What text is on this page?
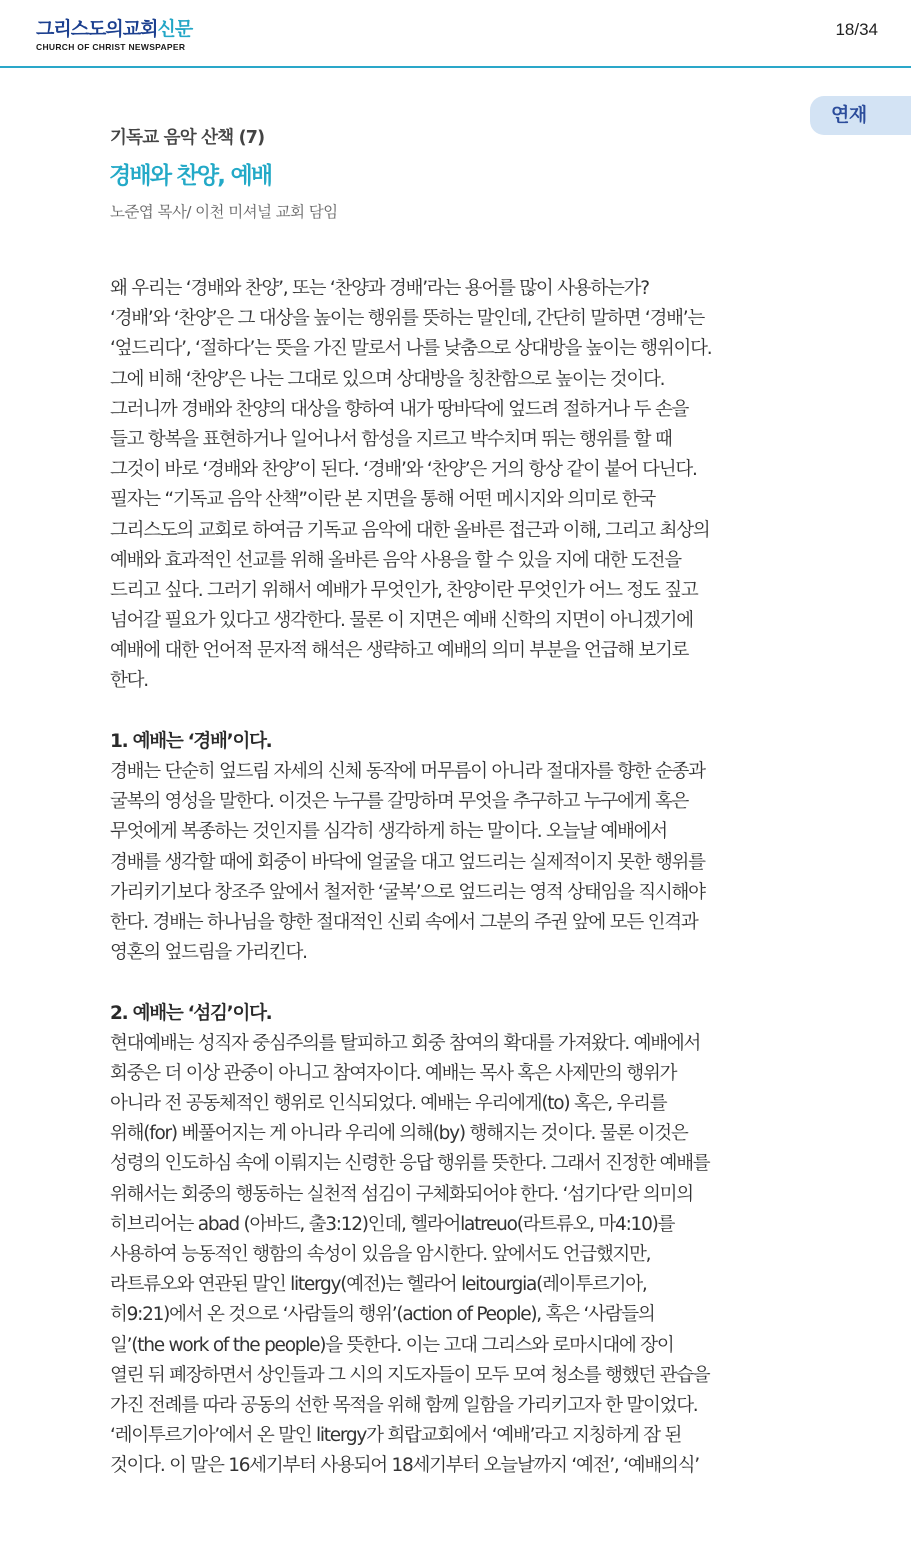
그리스도의교회신문
CHURCH OF CHRIST NEWSPAPER
18/34
연재
기독교 음악 산책 (7)
경배와 찬양, 예배
노준엽 목사/ 이천 미셔널 교회 담임
왜 우리는 ‘경배와 찬양’, 또는 ‘찬양과 경배’라는 용어를 많이 사용하는가?
‘경배’와 ‘찬양’은 그 대상을 높이는 행위를 뜻하는 말인데, 간단히 말하면 ‘경배’는
‘엎드리다’, ‘절하다’는 뜻을 가진 말로서 나를 낮춤으로 상대방을 높이는 행위이다.
그에 비해 ‘찬양’은 나는 그대로 있으며 상대방을 칭찬함으로 높이는 것이다.
그러니까 경배와 찬양의 대상을 향하여 내가 땅바닥에 엎드려 절하거나 두 손을
들고 항복을 표현하거나 일어나서 함성을 지르고 박수치며 뛰는 행위를 할 때
그것이 바로 ‘경배와 찬양’이 된다. ‘경배’와 ‘찬양’은 거의 항상 같이 붙어 다닌다.
필자는 “기독교 음악 산책”이란 본 지면을 통해 어떤 메시지와 의미로 한국
그리스도의 교회로 하여금 기독교 음악에 대한 올바른 접근과 이해, 그리고 최상의
예배와 효과적인 선교를 위해 올바른 음악 사용을 할 수 있을 지에 대한 도전을
드리고 싶다. 그러기 위해서 예배가 무엇인가, 찬양이란 무엇인가 어느 정도 짚고
넘어갈 필요가 있다고 생각한다. 물론 이 지면은 예배 신학의 지면이 아니겠기에
예배에 대한 언어적 문자적 해석은 생략하고 예배의 의미 부분을 언급해 보기로
한다.
1. 예배는 ‘경배’이다.
경배는 단순히 엎드림 자세의 신체 동작에 머무름이 아니라 절대자를 향한 순종과
굴복의 영성을 말한다. 이것은 누구를 갈망하며 무엇을 추구하고 누구에게 혹은
무엇에게 복종하는 것인지를 심각히 생각하게 하는 말이다. 오늘날 예배에서
경배를 생각할 때에 회중이 바닥에 얼굴을 대고 엎드리는 실제적이지 못한 행위를
가리키기보다 창조주 앞에서 철저한 ‘굴복’으로 엎드리는 영적 상태임을 직시해야
한다. 경배는 하나님을 향한 절대적인 신뢰 속에서 그분의 주권 앞에 모든 인격과
영혼의 엎드림을 가리킨다.
2. 예배는 ‘섬김’이다.
현대예배는 성직자 중심주의를 탈피하고 회중 참여의 확대를 가져왔다. 예배에서
회중은 더 이상 관중이 아니고 참여자이다. 예배는 목사 혹은 사제만의 행위가
아니라 전 공동체적인 행위로 인식되었다. 예배는 우리에게(to) 혹은, 우리를
위해(for) 베풀어지는 게 아니라 우리에 의해(by) 행해지는 것이다. 물론 이것은
성령의 인도하심 속에 이뤄지는 신령한 응답 행위를 뜻한다. 그래서 진정한 예배를
위해서는 회중의 행동하는 실천적 섬김이 구체화되어야 한다. ‘섬기다’란 의미의
히브리어는 abad (아바드, 출3:12)인데, 헬라어latreuo(라트류오, 마4:10)를
사용하여 능동적인 행함의 속성이 있음을 암시한다. 앞에서도 언급했지만,
라트류오와 연관된 말인 litergy(예전)는 헬라어 leitourgia(레이투르기아,
히9:21)에서 온 것으로 ‘사람들의 행위’(action of People), 혹은 ‘사람들의
일’(the work of the people)을 뜻한다. 이는 고대 그리스와 로마시대에 장이
열린 뒤 폐장하면서 상인들과 그 시의 지도자들이 모두 모여 청소를 행했던 관습을
가진 전례를 따라 공동의 선한 목적을 위해 함께 일함을 가리키고자 한 말이었다.
‘레이투르기아’에서 온 말인 litergy가 희랍교회에서 ‘예배’라고 지칭하게 잠 된
것이다. 이 말은 16세기부터 사용되어 18세기부터 오늘날까지 ‘예전’, ‘예배의식’
